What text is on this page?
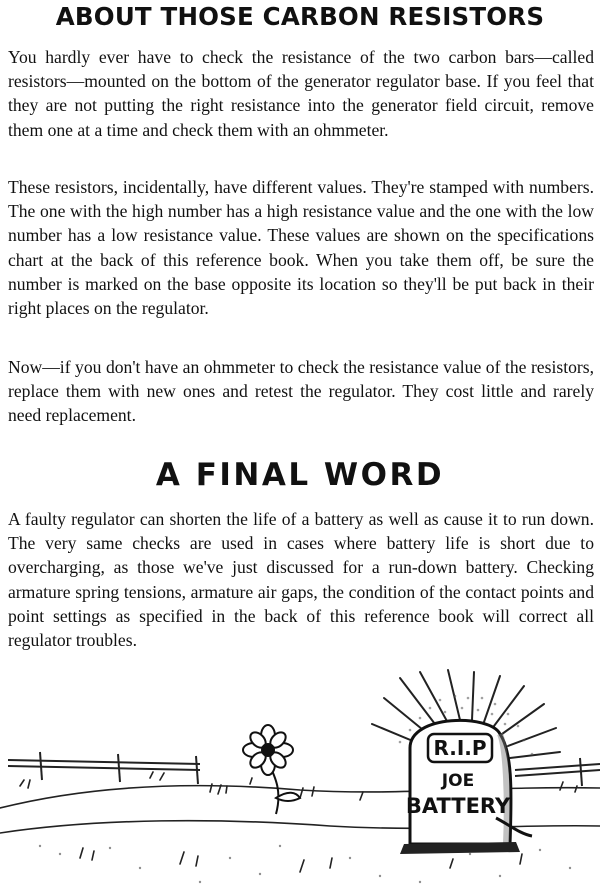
ABOUT THOSE CARBON RESISTORS

You hardly ever have to check the resistance of the two carbon bars—called resistors—mounted on the bottom of the generator regulator base. If you feel that they are not putting the right resistance into the generator field circuit, remove them one at a time and check them with an ohmmeter.

These resistors, incidentally, have different values. They're stamped with numbers. The one with the high number has a high resistance value and the one with the low number has a low resistance value. These values are shown on the specifications chart at the back of this reference book. When you take them off, be sure the number is marked on the base opposite its location so they'll be put back in their right places on the regulator.

Now—if you don't have an ohmmeter to check the resistance value of the resistors, replace them with new ones and retest the regulator. They cost little and rarely need replacement.

A FINAL WORD

A faulty regulator can shorten the life of a battery as well as cause it to run down. The very same checks are used in cases where battery life is short due to overcharging, as those we've just discussed for a run-down battery. Checking armature spring tensions, armature air gaps, the condition of the contact points and point settings as specified in the back of this reference book will correct all regulator troubles.

R.I.P
JOE
BATTERY
